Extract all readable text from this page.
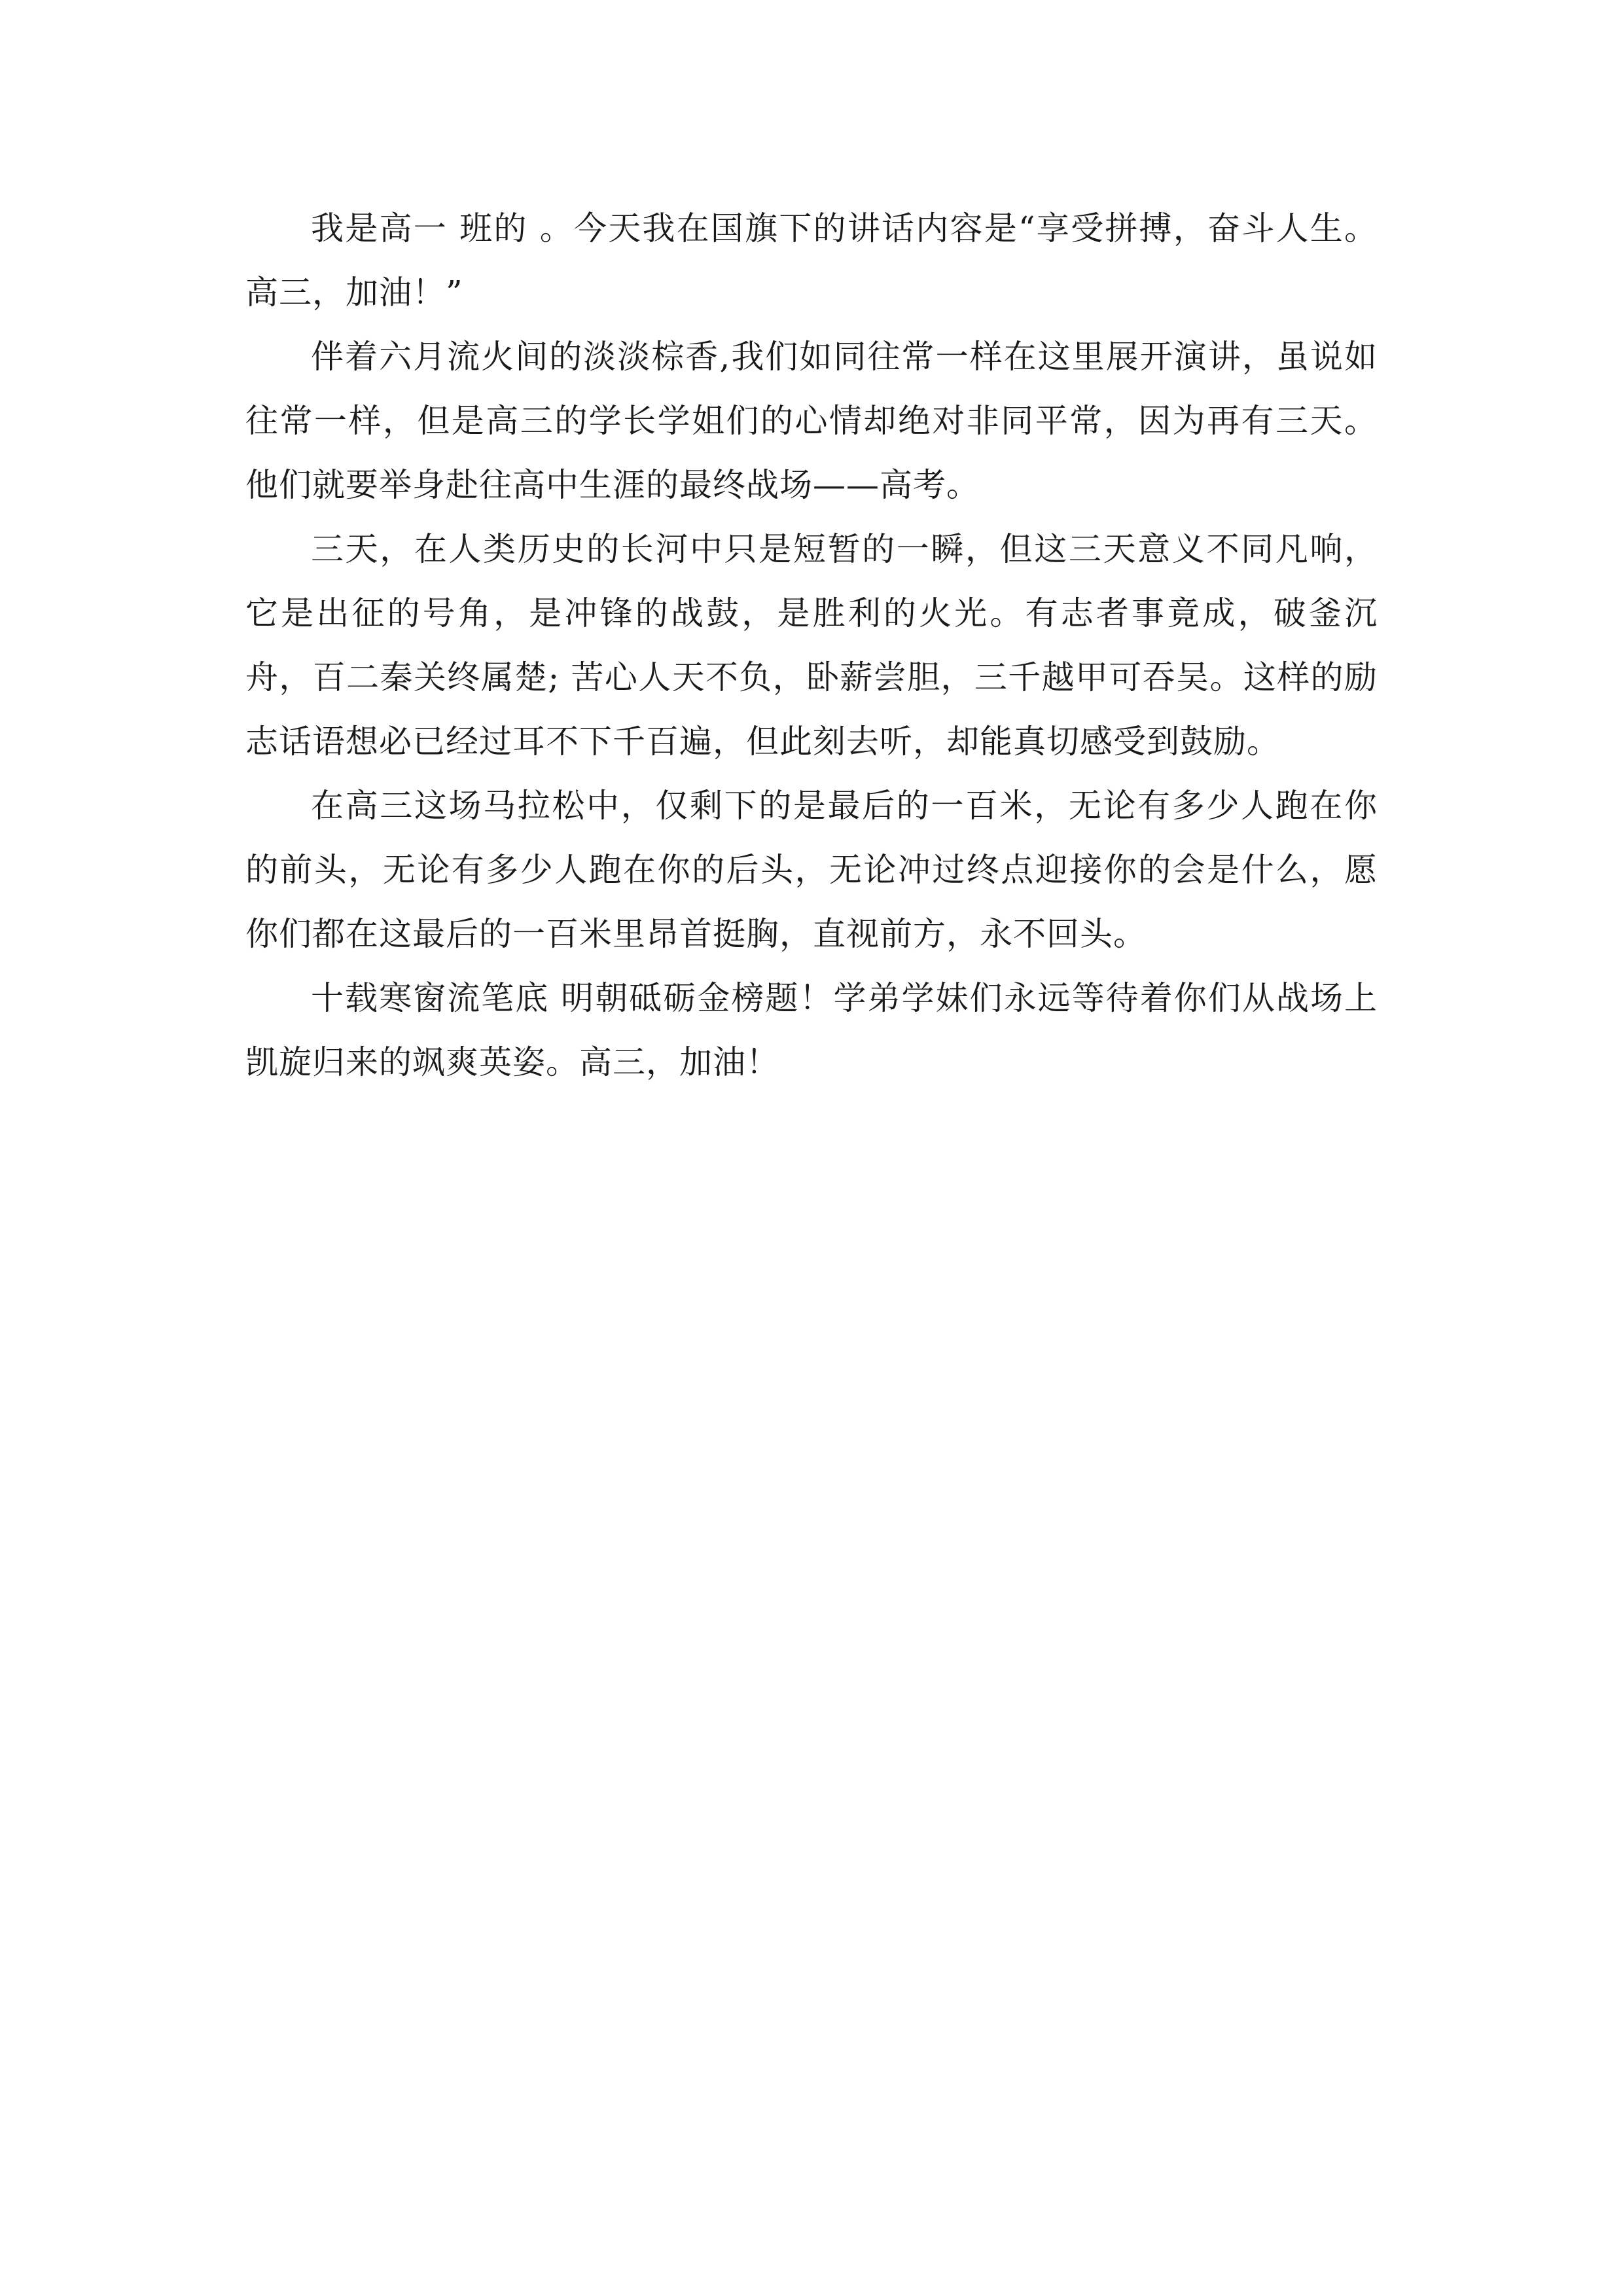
我是高一 班的 。今天我在国旗下的讲话内容是“享受拼搏，奋斗人生。高三，加油！”

伴着六月流火间的淡淡棕香,我们如同往常一样在这里展开演讲，虽说如往常一样，但是高三的学长学姐们的心情却绝对非同平常，因为再有三天。他们就要举身赴往高中生涯的最终战场——高考。

三天，在人类历史的长河中只是短暂的一瞬，但这三天意义不同凡响，它是出征的号角，是冲锋的战鼓，是胜利的火光。有志者事竟成，破釜沉舟，百二秦关终属楚; 苦心人天不负，卧薪尝胆，三千越甲可吞吴。这样的励志话语想必已经过耳不下千百遍，但此刻去听，却能真切感受到鼓励。

在高三这场马拉松中，仅剩下的是最后的一百米，无论有多少人跑在你的前头，无论有多少人跑在你的后头，无论冲过终点迎接你的会是什么，愿你们都在这最后的一百米里昂首挺胸，直视前方，永不回头。

十载寒窗流笔底 明朝砥砺金榜题！学弟学妹们永远等待着你们从战场上凯旋归来的飒爽英姿。高三，加油！
